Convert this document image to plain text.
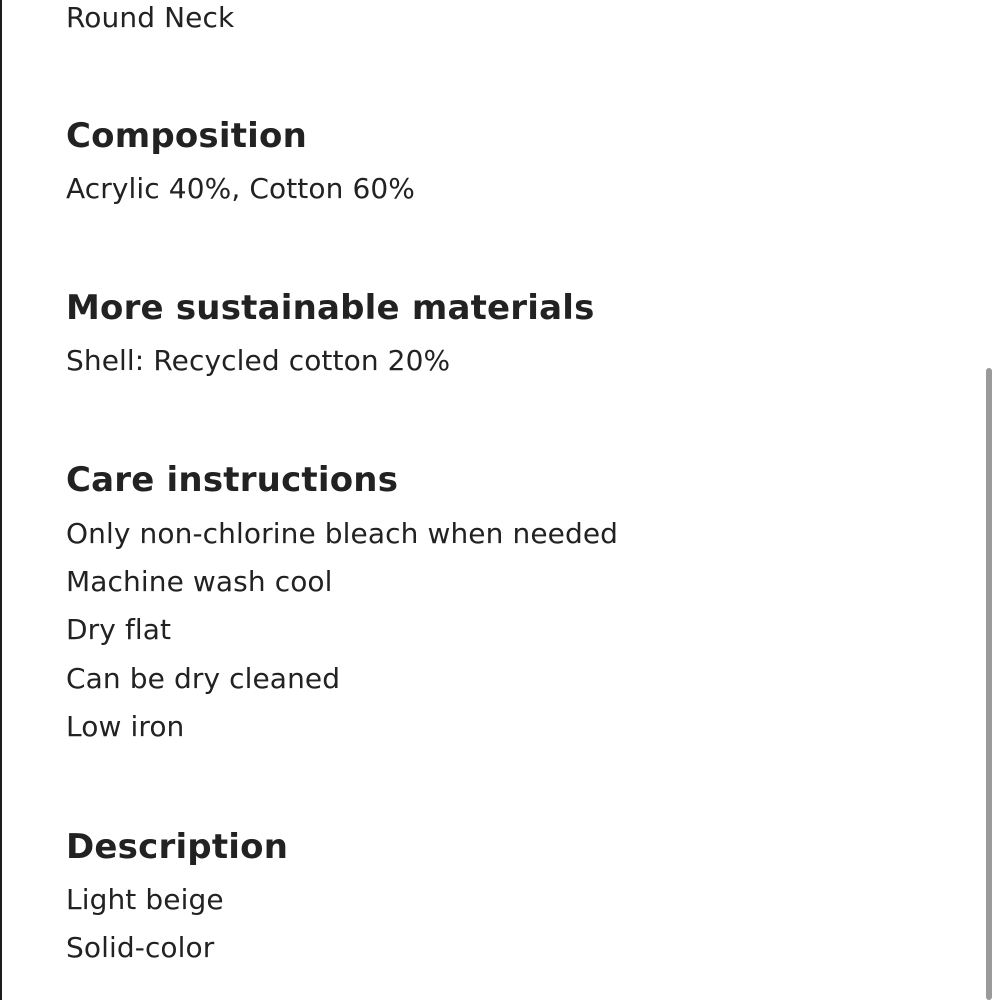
Round Neck
Composition
Acrylic 40%, Cotton 60%
More sustainable materials
Shell: Recycled cotton 20%
Care instructions
Only non-chlorine bleach when needed
Machine wash cool
Dry flat
Can be dry cleaned
Low iron
Description
Light beige
Solid-color
